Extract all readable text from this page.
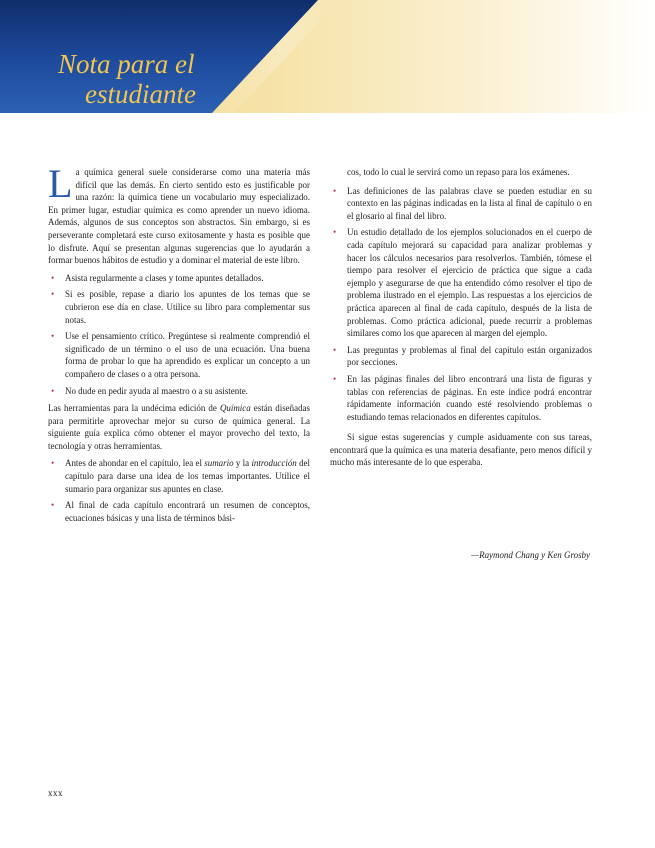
Nota para el
estudiante

La química general suele considerarse como una materia más difícil que las demás. En cierto sentido esto es justificable por una razón: la química tiene un vocabulario muy especializado. En primer lugar, estudiar química es como aprender un nuevo idioma. Además, algunos de sus conceptos son abstractos. Sin embargo, si es perseverante completará este curso exitosamente y hasta es posible que lo disfrute. Aquí se presentan algunas sugerencias que lo ayudarán a formar buenos hábitos de estudio y a dominar el material de este libro.

• Asista regularmente a clases y tome apuntes detallados.
• Si es posible, repase a diario los apuntes de los temas que se cubrieron ese día en clase. Utilice su libro para complementar sus notas.
• Use el pensamiento crítico. Pregúntese si realmente comprendió el significado de un término o el uso de una ecuación. Una buena forma de probar lo que ha aprendido es explicar un concepto a un compañero de clases o a otra persona.
• No dude en pedir ayuda al maestro o a su asistente.

Las herramientas para la undécima edición de Química están diseñadas para permitirle aprovechar mejor su curso de química general. La siguiente guía explica cómo obtener el mayor provecho del texto, la tecnología y otras herramientas.

• Antes de ahondar en el capítulo, lea el sumario y la introducción del capítulo para darse una idea de los temas importantes. Utilice el sumario para organizar sus apuntes en clase.
• Al final de cada capítulo encontrará un resumen de conceptos, ecuaciones básicas y una lista de términos bási-

cos, todo lo cual le servirá como un repaso para los exámenes.

• Las definiciones de las palabras clave se pueden estudiar en su contexto en las páginas indicadas en la lista al final de capítulo o en el glosario al final del libro.
• Un estudio detallado de los ejemplos solucionados en el cuerpo de cada capítulo mejorará su capacidad para analizar problemas y hacer los cálculos necesarios para resolverlos. También, tómese el tiempo para resolver el ejercicio de práctica que sigue a cada ejemplo y asegurarse de que ha entendido cómo resolver el tipo de problema ilustrado en el ejemplo. Las respuestas a los ejercicios de práctica aparecen al final de cada capítulo, después de la lista de problemas. Como práctica adicional, puede recurrir a problemas similares como los que aparecen al margen del ejemplo.
• Las preguntas y problemas al final del capítulo están organizados por secciones.
• En las páginas finales del libro encontrará una lista de figuras y tablas con referencias de páginas. En este índice podrá encontrar rápidamente información cuando esté resolviendo problemas o estudiando temas relacionados en diferentes capítulos.

Si sigue estas sugerencias y cumple asiduamente con sus tareas, encontrará que la química es una materia desafiante, pero menos difícil y mucho más interesante de lo que esperaba.

—Raymond Chang y Ken Grosby
xxx
